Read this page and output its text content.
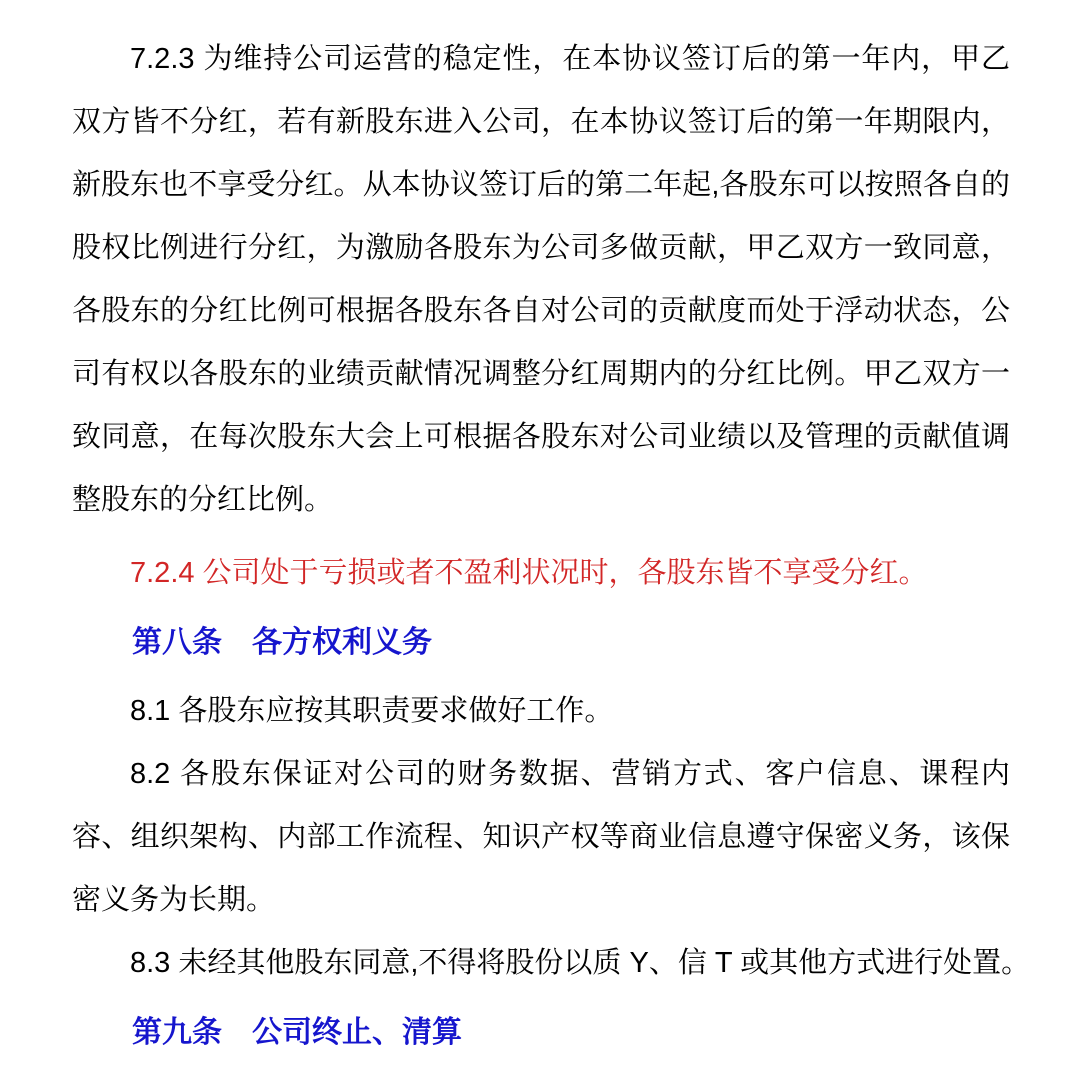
7.2.3 为维持公司运营的稳定性，在本协议签订后的第一年内，甲乙双方皆不分红，若有新股东进入公司，在本协议签订后的第一年期限内，新股东也不享受分红。从本协议签订后的第二年起,各股东可以按照各自的股权比例进行分红，为激励各股东为公司多做贡献，甲乙双方一致同意，各股东的分红比例可根据各股东各自对公司的贡献度而处于浮动状态，公司有权以各股东的业绩贡献情况调整分红周期内的分红比例。甲乙双方一致同意，在每次股东大会上可根据各股东对公司业绩以及管理的贡献值调整股东的分红比例。

7.2.4 公司处于亏损或者不盈利状况时，各股东皆不享受分红。

第八条　各方权利义务

8.1 各股东应按其职责要求做好工作。

8.2 各股东保证对公司的财务数据、营销方式、客户信息、课程内容、组织架构、内部工作流程、知识产权等商业信息遵守保密义务，该保密义务为长期。

8.3 未经其他股东同意,不得将股份以质 Y、信 T 或其他方式进行处置。

第九条　公司终止、清算
